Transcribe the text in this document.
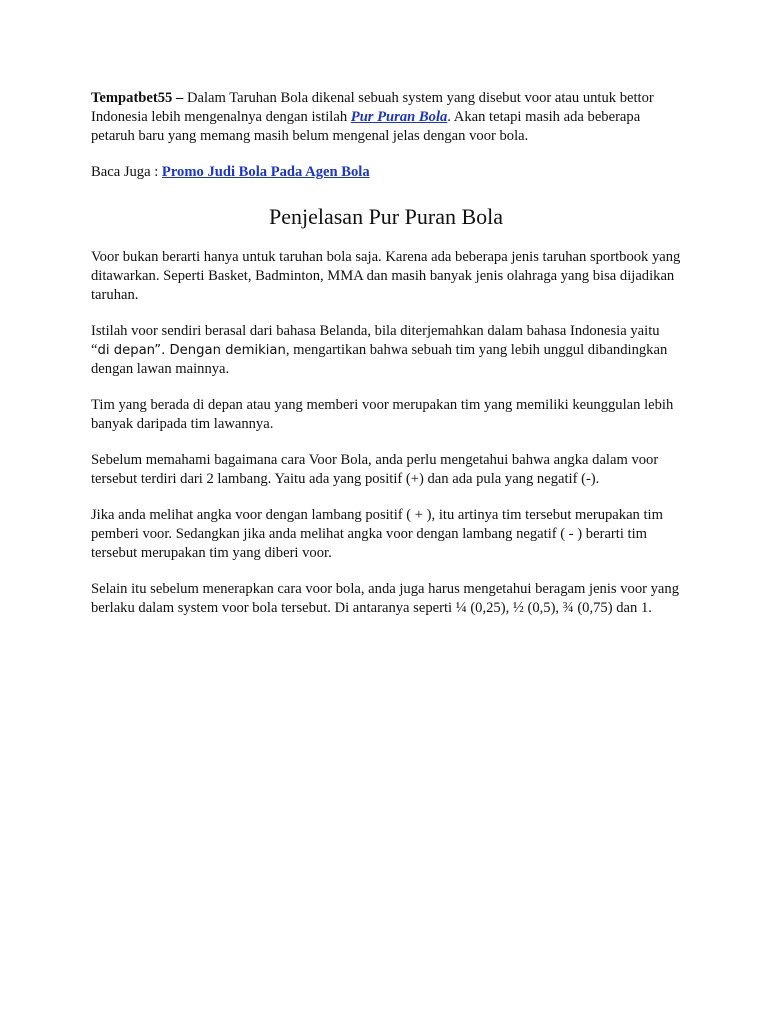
Tempatbet55 – Dalam Taruhan Bola dikenal sebuah system yang disebut voor atau untuk bettor Indonesia lebih mengenalnya dengan istilah Pur Puran Bola. Akan tetapi masih ada beberapa petaruh baru yang memang masih belum mengenal jelas dengan voor bola.

Baca Juga : Promo Judi Bola Pada Agen Bola

Penjelasan Pur Puran Bola

Voor bukan berarti hanya untuk taruhan bola saja. Karena ada beberapa jenis taruhan sportbook yang ditawarkan. Seperti Basket, Badminton, MMA dan masih banyak jenis olahraga yang bisa dijadikan taruhan.

Istilah voor sendiri berasal dari bahasa Belanda, bila diterjemahkan dalam bahasa Indonesia yaitu “di depan”. Dengan demikian, mengartikan bahwa sebuah tim yang lebih unggul dibandingkan dengan lawan mainnya.

Tim yang berada di depan atau yang memberi voor merupakan tim yang memiliki keunggulan lebih banyak daripada tim lawannya.

Sebelum memahami bagaimana cara Voor Bola, anda perlu mengetahui bahwa angka dalam voor tersebut terdiri dari 2 lambang. Yaitu ada yang positif (+) dan ada pula yang negatif (-).

Jika anda melihat angka voor dengan lambang positif ( + ), itu artinya tim tersebut merupakan tim pemberi voor. Sedangkan jika anda melihat angka voor dengan lambang negatif ( - ) berarti tim tersebut merupakan tim yang diberi voor.

Selain itu sebelum menerapkan cara voor bola, anda juga harus mengetahui beragam jenis voor yang berlaku dalam system voor bola tersebut. Di antaranya seperti ¼ (0,25), ½ (0,5), ¾ (0,75) dan 1.
